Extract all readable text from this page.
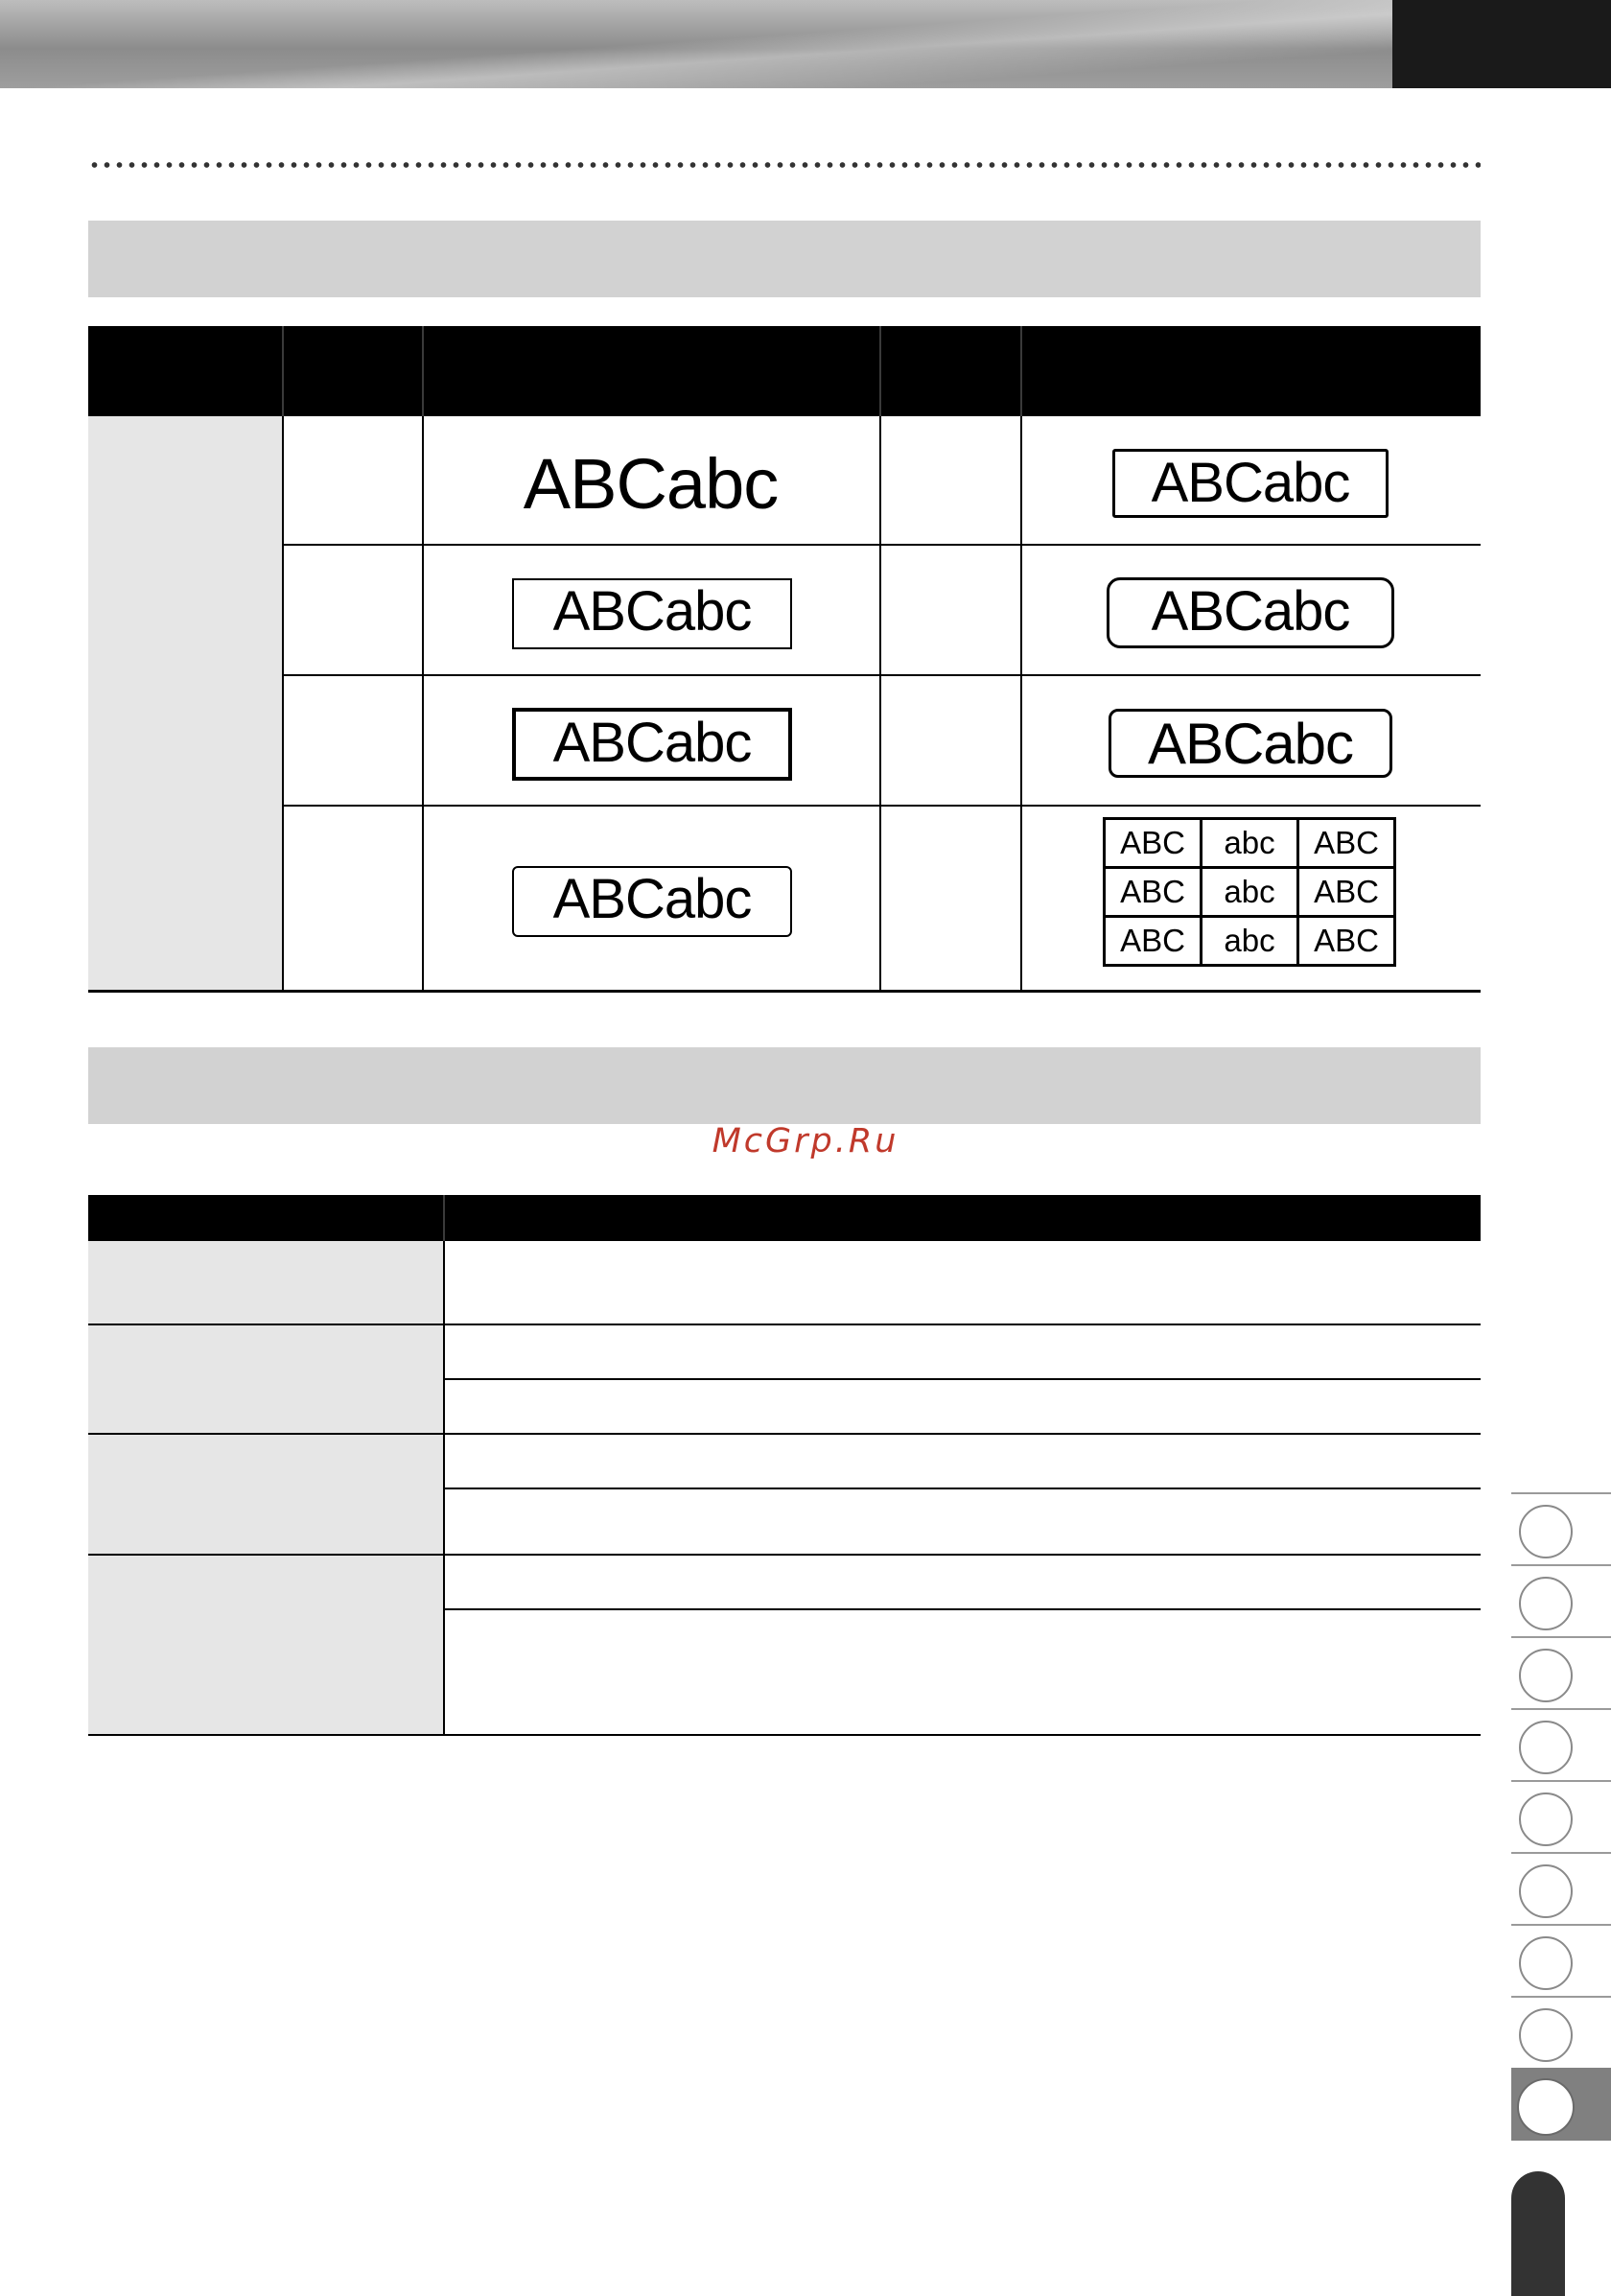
ABCabc	ABCabc
ABCabc	ABCabc
ABCabc	ABCabc
ABCabc
ABC	abc	ABC
ABC	abc	ABC
ABC	abc	ABC
McGrp.Ru
